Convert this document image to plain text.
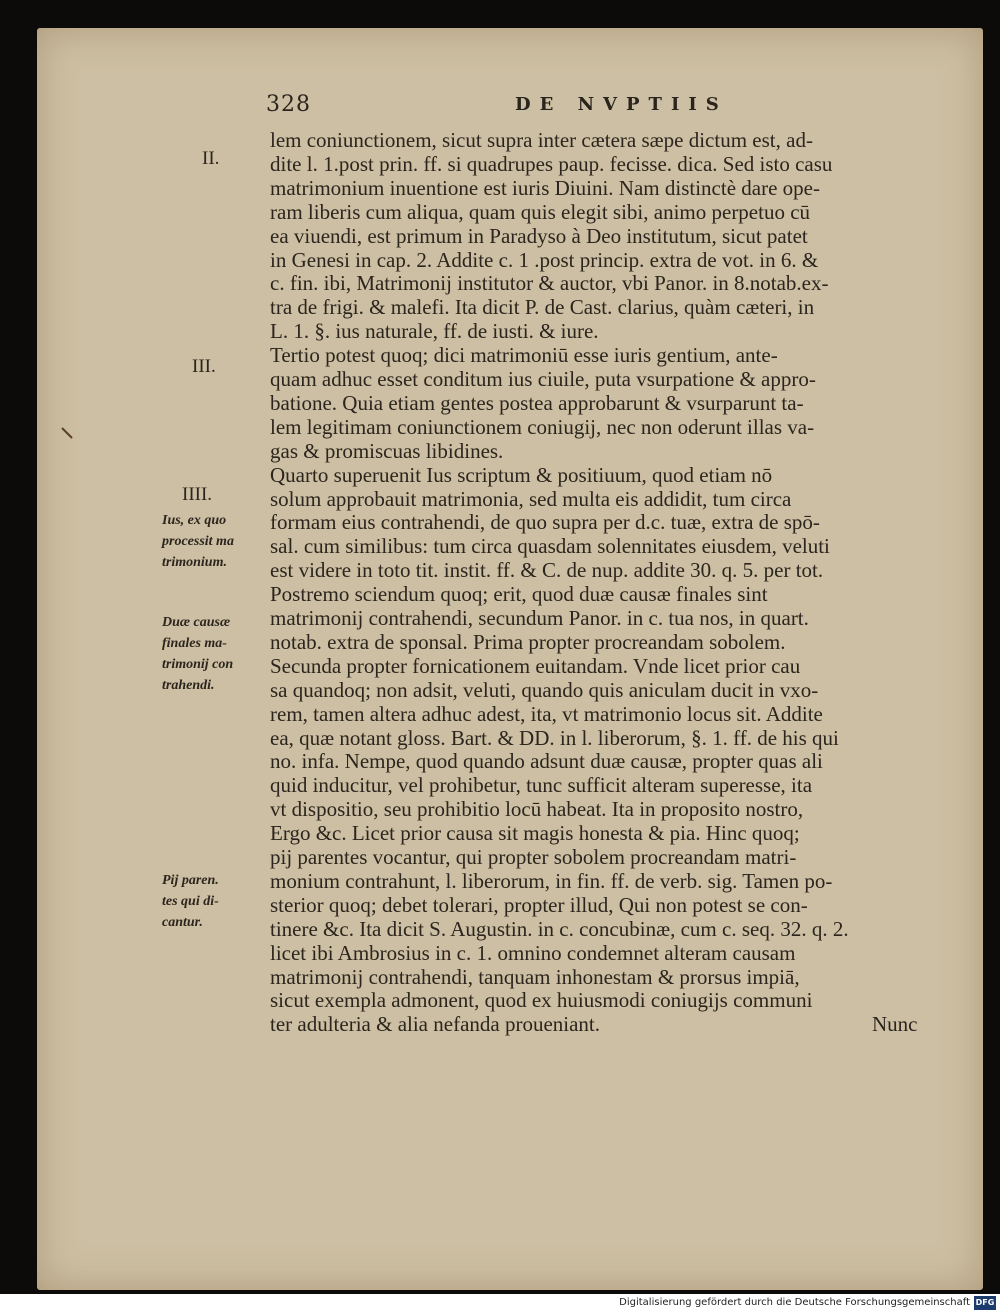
328	DE NVPTIIS
lem coniunctionem, sicut supra inter cætera sæpe dictum est, ad-
dite l. 1.post prin. ff. si quadrupes paup. fecisse. dica. Sed isto casu
matrimonium inuentione est iuris Diuini. Nam distinctè dare ope-
ram liberis cum aliqua, quam quis elegit sibi, animo perpetuo cū
ea viuendi, est primum in Paradyso à Deo institutum, sicut patet
in Genesi in cap. 2. Addite c. 1 .post princip. extra de vot. in 6. &
c. fin. ibi, Matrimonij institutor & auctor, vbi Panor. in 8.notab.ex-
tra de frigi. & malefi. Ita dicit P. de Cast. clarius, quàm cæteri, in
L. 1. §. ius naturale, ff. de iusti. & iure.
Tertio potest quoq; dici matrimoniū esse iuris gentium, ante-
quam adhuc esset conditum ius ciuile, puta vsurpatione & appro-
batione. Quia etiam gentes postea approbarunt & vsurparunt ta-
lem legitimam coniunctionem coniugij, nec non oderunt illas va-
gas & promiscuas libidines.
Quarto superuenit Ius scriptum & positiuum, quod etiam nō
solum approbauit matrimonia, sed multa eis addidit, tum circa
formam eius contrahendi, de quo supra per d.c. tuæ, extra de spō-
sal. cum similibus: tum circa quasdam solennitates eiusdem, veluti
est videre in toto tit. instit. ff. & C. de nup. addite 30. q. 5. per tot.
Postremo sciendum quoq; erit, quod duæ causæ finales sint
matrimonij contrahendi, secundum Panor. in c. tua nos, in quart.
notab. extra de sponsal. Prima propter procreandam sobolem.
Secunda propter fornicationem euitandam. Vnde licet prior cau
sa quandoq; non adsit, veluti, quando quis aniculam ducit in vxo-
rem, tamen altera adhuc adest, ita, vt matrimonio locus sit. Addite
ea, quæ notant gloss. Bart. & DD. in l. liberorum, §. 1. ff. de his qui
no. infa. Nempe, quod quando adsunt duæ causæ, propter quas ali
quid inducitur, vel prohibetur, tunc sufficit alteram superesse, ita
vt dispositio, seu prohibitio locū habeat. Ita in proposito nostro,
Ergo &c. Licet prior causa sit magis honesta & pia. Hinc quoq;
pij parentes vocantur, qui propter sobolem procreandam matri-
monium contrahunt, l. liberorum, in fin. ff. de verb. sig. Tamen po-
sterior quoq; debet tolerari, propter illud, Qui non potest se con-
tinere &c. Ita dicit S. Augustin. in c. concubinæ, cum c. seq. 32. q. 2.
licet ibi Ambrosius in c. 1. omnino condemnet alteram causam
matrimonij contrahendi, tanquam inhonestam & prorsus impiā,
sicut exempla admonent, quod ex huiusmodi coniugijs communi
ter adulteria & alia nefanda proueniant.	Nunc
II.
III.
IIII.
Ius, ex quo
processit ma
trimonium.
Duæ causæ
finales ma-
trimonij con
trahendi.
Pij paren.
tes qui di-
cantur.
Digitalisierung gefördert durch die Deutsche Forschungsgemeinschaft DFG
